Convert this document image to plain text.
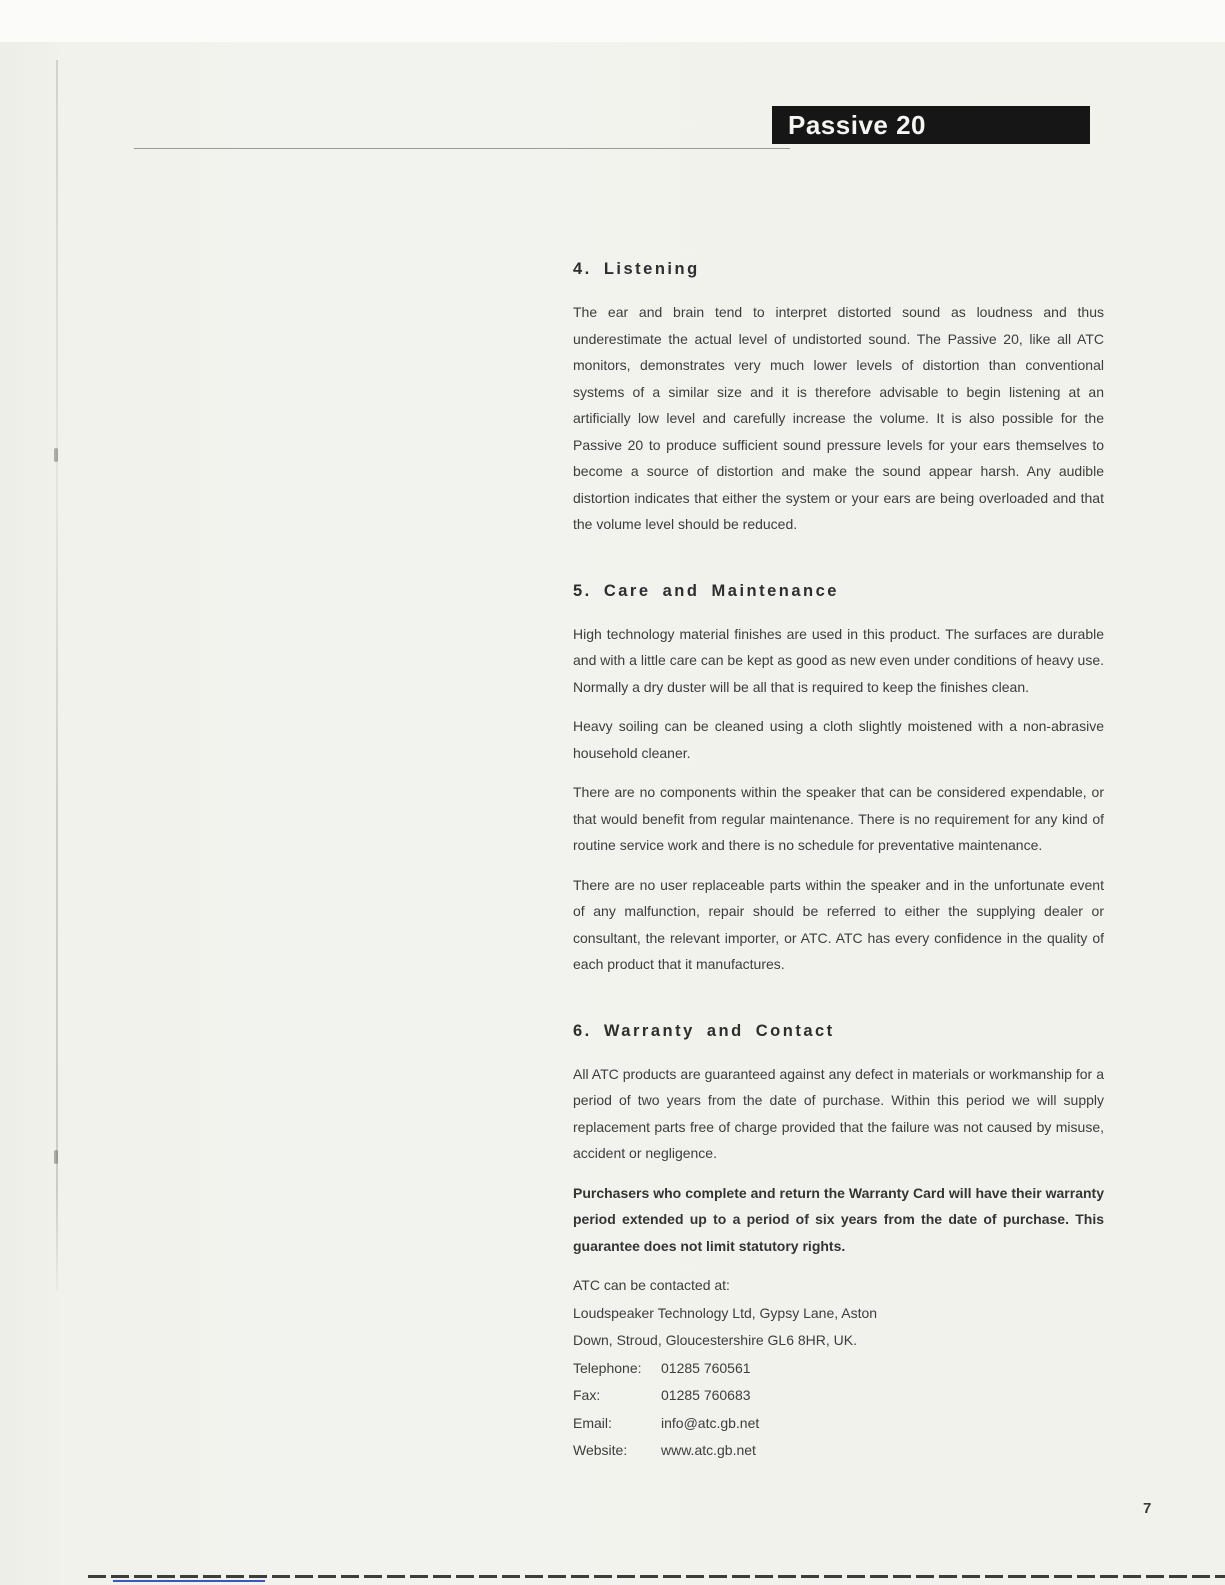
Passive 20
4. Listening

The ear and brain tend to interpret distorted sound as loudness and thus underestimate the actual level of undistorted sound. The Passive 20, like all ATC monitors, demonstrates very much lower levels of distortion than conventional systems of a similar size and it is therefore advisable to begin listening at an artificially low level and carefully increase the volume. It is also possible for the Passive 20 to produce sufficient sound pressure levels for your ears themselves to become a source of distortion and make the sound appear harsh. Any audible distortion indicates that either the system or your ears are being overloaded and that the volume level should be reduced.

5. Care and Maintenance

High technology material finishes are used in this product. The surfaces are durable and with a little care can be kept as good as new even under conditions of heavy use. Normally a dry duster will be all that is required to keep the finishes clean.

Heavy soiling can be cleaned using a cloth slightly moistened with a non-abrasive household cleaner.

There are no components within the speaker that can be considered expendable, or that would benefit from regular maintenance. There is no requirement for any kind of routine service work and there is no schedule for preventative maintenance.

There are no user replaceable parts within the speaker and in the unfortunate event of any malfunction, repair should be referred to either the supplying dealer or consultant, the relevant importer, or ATC. ATC has every confidence in the quality of each product that it manufactures.

6. Warranty and Contact

All ATC products are guaranteed against any defect in materials or workmanship for a period of two years from the date of purchase. Within this period we will supply replacement parts free of charge provided that the failure was not caused by misuse, accident or negligence.

Purchasers who complete and return the Warranty Card will have their warranty period extended up to a period of six years from the date of purchase. This guarantee does not limit statutory rights.

ATC can be contacted at:
Loudspeaker Technology Ltd, Gypsy Lane, Aston
Down, Stroud, Gloucestershire GL6 8HR, UK.
Telephone:	01285 760561
Fax:	01285 760683
Email:	info@atc.gb.net
Website:	www.atc.gb.net
7
